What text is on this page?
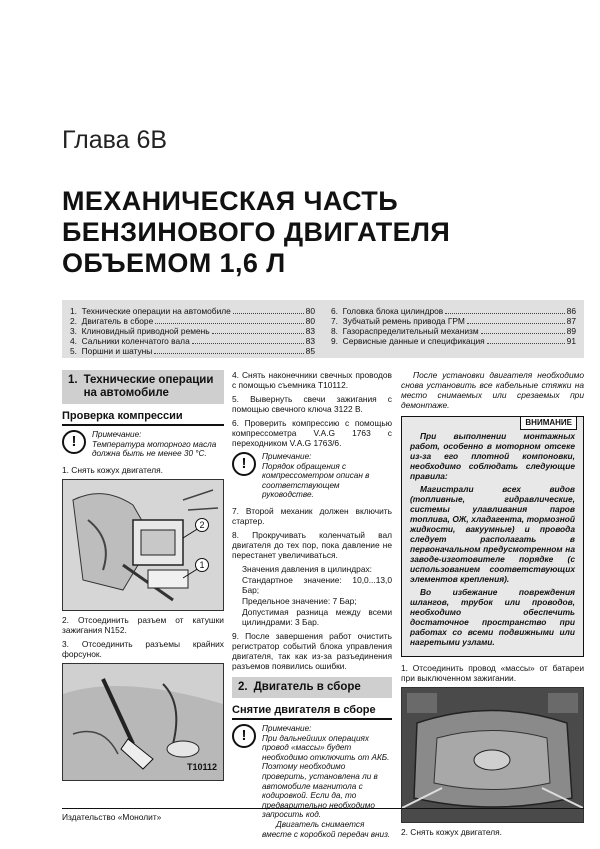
Глава 6B
МЕХАНИЧЕСКАЯ ЧАСТЬ
БЕНЗИНОВОГО ДВИГАТЕЛЯ
ОБЪЕМОМ 1,6 Л
1. Технические операции на автомобиле	80
2. Двигатель в сборе	80
3. Клиновидный приводной ремень	83
4. Сальники коленчатого вала	83
5. Поршни и шатуны	85
6. Головка блока цилиндров	86
7. Зубчатый ремень привода ГРМ	87
8. Газораспределительный механизм	89
9. Сервисные данные и спецификация	91
1. Технические операции на автомобиле
Проверка компрессии
!	Примечание:
Температура моторного масла должна быть не менее 30 °С.
1. Снять кожух двигателя.
2
1
2. Отсоединить разъем от катушки зажигания N152.
3. Отсоединить разъемы крайних форсунок.
T10112
4. Снять наконечники свечных проводов с помощью съемника Т10112.
5. Вывернуть свечи зажигания с помощью свечного ключа 3122 В.
6. Проверить компрессию с помощью компрессометра V.A.G 1763 с переходником V.A.G 1763/6.
!	Примечание:
Порядок обращения с компрессометром описан в соответствующем руководстве.
7. Второй механик должен включить стартер.
8. Прокручивать коленчатый вал двигателя до тех пор, пока давление не перестанет увеличиваться.
Значения давления в цилиндрах:
Стандартное значение: 10,0...13,0 Бар;
Предельное значение: 7 Бар;
Допустимая разница между всеми цилиндрами: 3 Бар.
9. После завершения работ очистить регистратор событий блока управления двигателя, так как из-за разъединения разъемов появились ошибки.
2. Двигатель в сборе
Снятие двигателя в сборе
!	Примечание:
При дальнейших операциях провод «массы» будет необходимо отключить от АКБ. Поэтому необходимо проверить, установлена ли в автомобиле магнитола с кодировкой. Если да, то предварительно необходимо запросить код.
Двигатель снимается вместе с коробкой передач вниз.
После установки двигателя необходимо снова установить все кабельные стяжки на место снимаемых или срезаемых при демонтаже.
ВНИМАНИЕ
При выполнении монтажных работ, особенно в моторном отсеке из-за его плотной компоновки, необходимо соблюдать следующие правила:
Магистрали всех видов (топливные, гидравлические, системы улавливания паров топлива, ОЖ, хладагента, тормозной жидкости, вакуумные) и провода следует располагать в первоначальном предусмотренном на заводе-изготовителе порядке (с использованием соответствующих элементов крепления).
Во избежание повреждения шлангов, трубок или проводов, необходимо обеспечить достаточное пространство при работах со всеми подвижными или нагретыми узлами.
1. Отсоединить провод «массы» от батареи при выключенном зажигании.
2. Снять кожух двигателя.
Издательство «Монолит»
